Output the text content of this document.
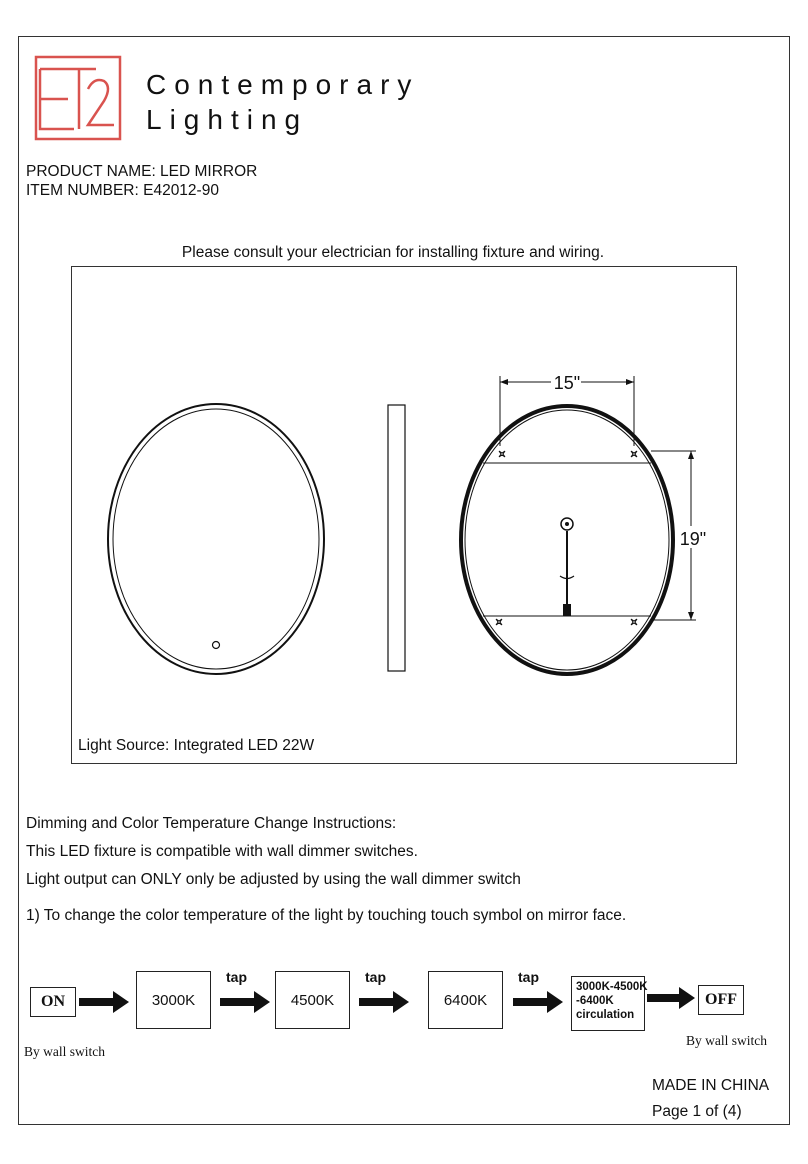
Contemporary
Lighting
PRODUCT NAME: LED MIRROR
ITEM NUMBER: E42012-90
Please consult your electrician for installing fixture and wiring.
15"
19"
Light Source: Integrated LED 22W
Dimming and Color Temperature Change Instructions:
This LED fixture is compatible with wall dimmer switches.
Light output can ONLY only be adjusted by using the wall dimmer switch
1) To change the color temperature of the light by touching touch symbol on mirror face.
ON	3000K
tap
4500K
tap
6400K
tap
3000K-4500K
-6400K
circulation
OFF
By wall switch
By wall switch
MADE IN CHINA
Page 1 of (4)
